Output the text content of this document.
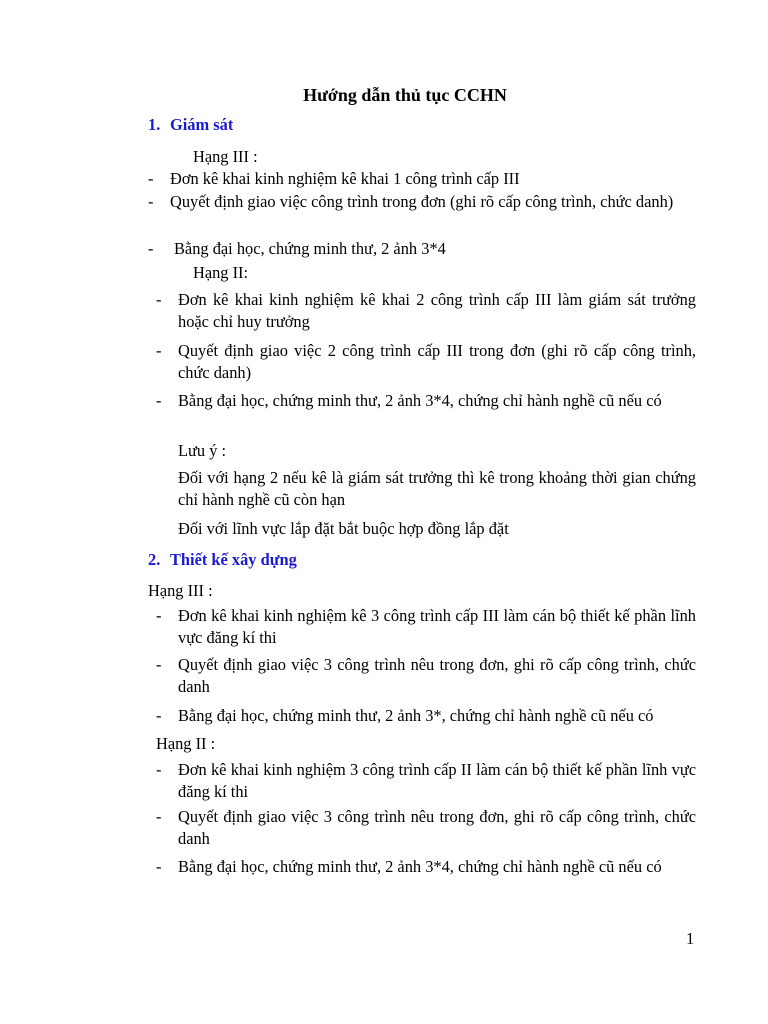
Hướng dẫn thủ tục CCHN
1. Giám sát
Hạng III :
- Đơn kê khai kinh nghiệm kê khai 1 công trình cấp III
- Quyết định giao việc công trình trong đơn (ghi rõ cấp công trình, chức danh)
- Bằng đại học, chứng minh thư, 2 ảnh 3*4
Hạng II:
- Đơn kê khai kinh nghiệm kê khai 2 công trình cấp III làm giám sát trưởng hoặc chỉ huy trưởng
- Quyết định giao việc 2 công trình cấp III trong đơn (ghi rõ cấp công trình, chức danh)
- Bằng đại học, chứng minh thư, 2 ảnh 3*4, chứng chỉ hành nghề cũ nếu có
Lưu ý :
Đối với hạng 2 nếu kê là giám sát trưởng thì kê trong khoảng thời gian chứng chỉ hành nghề cũ còn hạn
Đối với lĩnh vực lắp đặt bắt buộc hợp đồng lắp đặt
2. Thiết kế xây dựng
Hạng III :
- Đơn kê khai kinh nghiệm kê 3 công trình cấp III làm cán bộ thiết kế phần lĩnh vực đăng kí thi
- Quyết định giao việc 3 công trình nêu trong đơn, ghi rõ cấp công trình, chức danh
- Bằng đại học, chứng minh thư, 2 ảnh 3*, chứng chỉ hành nghề cũ nếu có
Hạng II :
- Đơn kê khai kinh nghiệm 3 công trình cấp II làm cán bộ thiết kế phần lĩnh vực đăng kí thi
- Quyết định giao việc 3 công trình nêu trong đơn, ghi rõ cấp công trình, chức danh
- Bằng đại học, chứng minh thư, 2 ảnh 3*4, chứng chỉ hành nghề cũ nếu có
1
